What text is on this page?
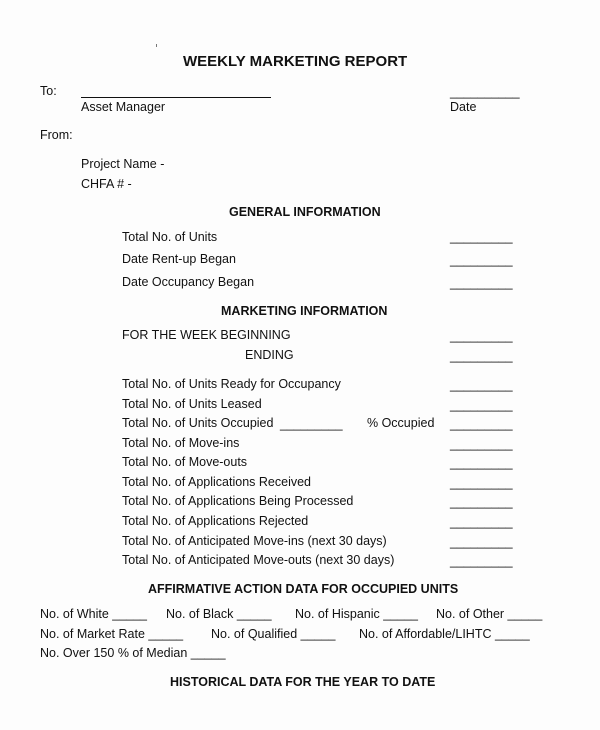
WEEKLY MARKETING REPORT
To:
Asset Manager
__________
Date
From:
Project Name -
CHFA # -
GENERAL INFORMATION
Total No. of Units	_________
Date Rent-up Began	_________
Date Occupancy Began	_________
MARKETING INFORMATION
FOR THE WEEK BEGINNING	_________
ENDING	_________
Total No. of Units Ready for Occupancy	_________
Total No. of Units Leased	_________
Total No. of Units Occupied _________ % Occupied _________
Total No. of Move-ins	_________
Total No. of Move-outs	_________
Total No. of Applications Received	_________
Total No. of Applications Being Processed	_________
Total No. of Applications Rejected	_________
Total No. of Anticipated Move-ins (next 30 days)	_________
Total No. of Anticipated Move-outs (next 30 days)	_________
AFFIRMATIVE ACTION DATA FOR OCCUPIED UNITS
No. of White _____ No. of Black _____ No. of Hispanic _____ No. of Other _____
No. of Market Rate _____ No. of Qualified _____ No. of Affordable/LIHTC _____
No. Over 150 % of Median _____
HISTORICAL DATA FOR THE YEAR TO DATE
